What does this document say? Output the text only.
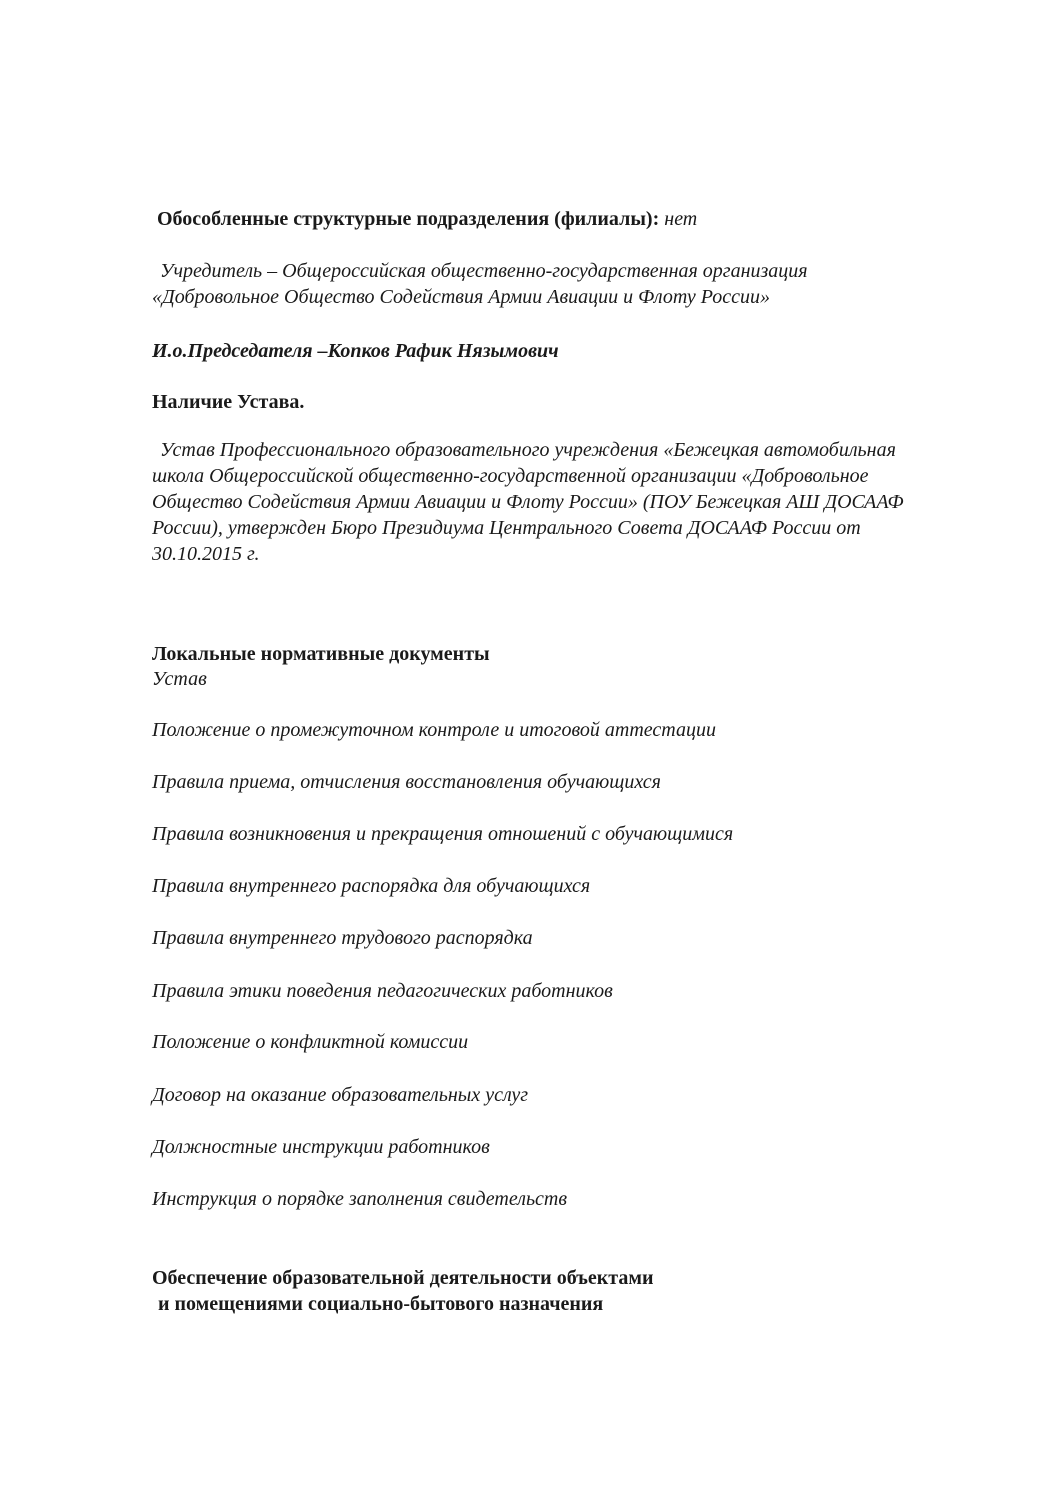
Обособленные структурные подразделения (филиалы): нет

Учредитель – Общероссийская общественно-государственная организация
«Добровольное Общество Содействия Армии Авиации и Флоту России»

И.о.Председателя –Копков Рафик Нязымович

Наличие Устава.

Устав Профессионального образовательного учреждения «Бежецкая автомобильная
школа Общероссийской общественно-государственной организации «Добровольное
Общество Содействия Армии Авиации и Флоту России» (ПОУ Бежецкая АШ ДОСААФ
России), утвержден Бюро Президиума Центрального Совета ДОСААФ России от
30.10.2015 г.

Локальные нормативные документы

Устав
Положение о промежуточном контроле и итоговой аттестации
Правила приема, отчисления восстановления обучающихся
Правила возникновения и прекращения отношений с обучающимися
Правила внутреннего распорядка для обучающихся
Правила внутреннего трудового распорядка
Правила этики поведения педагогических работников
Положение о конфликтной комиссии
Договор на оказание образовательных услуг
Должностные инструкции работников
Инструкция о порядке заполнения свидетельств

Обеспечение образовательной деятельности объектами
и помещениями социально-бытового назначения
